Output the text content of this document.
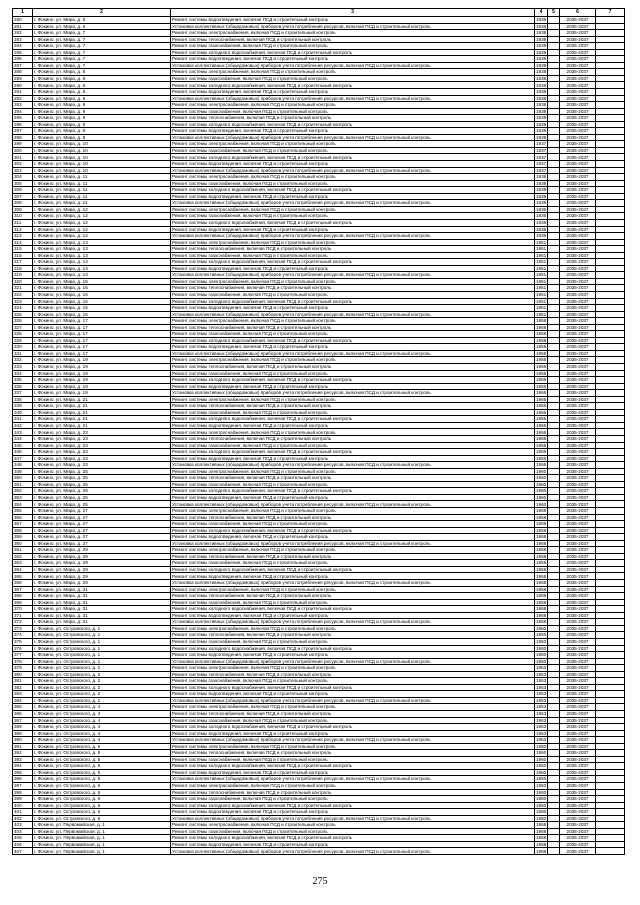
1	2	3	4	5	6	7
280	г. Фокино, ул. Мира, д. 6	Ремонт системы водоотведения, включая ПСД и строительный контроль	1936		2035-2037	
281	г. Фокино, ул. Мира, д. 6	Установка коллективных (общедомовых) приборов учета потребления ресурсов, включая ПСД и строительный контроль	1936		2035-2037	
282	г. Фокино, ул. Мира, д. 7	Ремонт системы электроснабжения, включая ПСД и строительный контроль	1939		2035-2037	
283	г. Фокино, ул. Мира, д. 7	Ремонт системы теплоснабжения, включая ПСД и строительный контроль	1939		2035-2037	
284	г. Фокино, ул. Мира, д. 7	Ремонт системы газоснабжения, включая ПСД и строительный контроль	1939		2035-2037	
285	г. Фокино, ул. Мира, д. 7	Ремонт системы холодного водоснабжения, включая ПСД и строительный контроль	1939		2035-2037	
286	г. Фокино, ул. Мира, д. 7	Ремонт системы водоотведения, включая ПСД и строительный контроль	1939		2035-2037	
287	г. Фокино, ул. Мира, д. 7	Установка коллективных (общедомовых) приборов учета потребления ресурсов, включая ПСД и строительный контроль	1939		2035-2037	
288	г. Фокино, ул. Мира, д. 8	Ремонт системы электроснабжения, включая ПСД и строительный контроль	1938		2035-2037	
289	г. Фокино, ул. Мира, д. 8	Ремонт системы газоснабжения, включая ПСД и строительный контроль	1938		2035-2037	
290	г. Фокино, ул. Мира, д. 8	Ремонт системы холодного водоснабжения, включая ПСД и строительный контроль	1938		2035-2037	
291	г. Фокино, ул. Мира, д. 8	Ремонт системы водоотведения, включая ПСД и строительный контроль	1938		2035-2037	
292	г. Фокино, ул. Мира, д. 8	Установка коллективных (общедомовых) приборов учета потребления ресурсов, включая ПСД и строительный контроль	1938		2035-2037	
293	г. Фокино, ул. Мира, д. 9	Ремонт системы электроснабжения, включая ПСД и строительный контроль	1939		2035-2037	
294	г. Фокино, ул. Мира, д. 9	Ремонт системы газоснабжения, включая ПСД и строительный контроль	1939		2035-2037	
295	г. Фокино, ул. Мира, д. 9	Ремонт системы теплоснабжения, включая ПСД и строительный контроль	1939		2035-2037	
296	г. Фокино, ул. Мира, д. 9	Ремонт системы холодного водоснабжения, включая ПСД и строительный контроль	1939		2035-2037	
297	г. Фокино, ул. Мира, д. 9	Ремонт системы водоотведения, включая ПСД и строительный контроль	1939		2035-2037	
298	г. Фокино, ул. Мира, д. 9	Установка коллективных (общедомовых) приборов учета потребления ресурсов, включая ПСД и строительный контроль	1939		2035-2037	
299	г. Фокино, ул. Мира, д. 10	Ремонт системы электроснабжения, включая ПСД и строительный контроль	1937		2035-2037	
300	г. Фокино, ул. Мира, д. 10	Ремонт системы газоснабжения, включая ПСД и строительный контроль	1937		2035-2037	
301	г. Фокино, ул. Мира, д. 10	Ремонт системы холодного водоснабжения, включая ПСД и строительный контроль	1937		2035-2037	
302	г. Фокино, ул. Мира, д. 10	Ремонт системы водоотведения, включая ПСД и строительный контроль	1937		2035-2037	
303	г. Фокино, ул. Мира, д. 10	Установка коллективных (общедомовых) приборов учета потребления ресурсов, включая ПСД и строительный контроль	1937		2035-2037	
304	г. Фокино, ул. Мира, д. 11	Ремонт системы электроснабжения, включая ПСД и строительный контроль	1939		2035-2037	
305	г. Фокино, ул. Мира, д. 11	Ремонт системы газоснабжения, включая ПСД и строительный контроль	1939		2035-2037	
306	г. Фокино, ул. Мира, д. 11	Ремонт системы холодного водоснабжения, включая ПСД и строительный контроль	1939		2035-2037	
307	г. Фокино, ул. Мира, д. 11	Ремонт системы водоотведения, включая ПСД и строительный контроль	1939		2035-2037	
308	г. Фокино, ул. Мира, д. 11	Установка коллективных (общедомовых) приборов учета потребления ресурсов, включая ПСД и строительный контроль	1939		2035-2037	
309	г. Фокино, ул. Мира, д. 12	Ремонт системы электроснабжения, включая ПСД и строительный контроль	1936		2035-2037	
310	г. Фокино, ул. Мира, д. 12	Ремонт системы газоснабжения, включая ПСД и строительный контроль	1936		2035-2037	
311	г. Фокино, ул. Мира, д. 12	Ремонт системы холодного водоснабжения, включая ПСД и строительный контроль	1936		2035-2037	
312	г. Фокино, ул. Мира, д. 12	Ремонт системы водоотведения, включая ПСД и строительный контроль	1936		2035-2037	
313	г. Фокино, ул. Мира, д. 12	Установка коллективных (общедомовых) приборов учета потребления ресурсов, включая ПСД и строительный контроль	1936		2035-2037	
314	г. Фокино, ул. Мира, д. 13	Ремонт системы электроснабжения, включая ПСД и строительный контроль	1951		2035-2037	
315	г. Фокино, ул. Мира, д. 13	Ремонт системы теплоснабжения, включая ПСД и строительный контроль	1951		2035-2037	
316	г. Фокино, ул. Мира, д. 13	Ремонт системы газоснабжения, включая ПСД и строительный контроль	1951		2035-2037	
317	г. Фокино, ул. Мира, д. 13	Ремонт системы холодного водоснабжения, включая ПСД и строительный контроль	1951		2035-2037	
318	г. Фокино, ул. Мира, д. 13	Ремонт системы водоотведения, включая ПСД и строительный контроль	1951		2035-2037	
319	г. Фокино, ул. Мира, д. 13	Установка коллективных (общедомовых) приборов учета потребления ресурсов, включая ПСД и строительный контроль	1951		2035-2037	
320	г. Фокино, ул. Мира, д. 15	Ремонт системы электроснабжения, включая ПСД и строительный контроль	1951		2035-2037	
321	г. Фокино, ул. Мира, д. 15	Ремонт системы теплоснабжения, включая ПСД и строительный контроль	1951		2035-2037	
322	г. Фокино, ул. Мира, д. 15	Ремонт системы газоснабжения, включая ПСД и строительный контроль	1951		2035-2037	
323	г. Фокино, ул. Мира, д. 15	Ремонт системы холодного водоснабжения, включая ПСД и строительный контроль	1951		2035-2037	
324	г. Фокино, ул. Мира, д. 15	Ремонт системы водоотведения, включая ПСД и строительный контроль	1951		2035-2037	
325	г. Фокино, ул. Мира, д. 15	Установка коллективных (общедомовых) приборов учета потребления ресурсов, включая ПСД и строительный контроль	1951		2035-2037	
326	г. Фокино, ул. Мира, д. 17	Ремонт системы электроснабжения, включая ПСД и строительный контроль	1958		2035-2037	
327	г. Фокино, ул. Мира, д. 17	Ремонт системы теплоснабжения, включая ПСД и строительный контроль	1958		2035-2037	
328	г. Фокино, ул. Мира, д. 17	Ремонт системы газоснабжения, включая ПСД и строительный контроль	1958		2035-2037	
329	г. Фокино, ул. Мира, д. 17	Ремонт системы холодного водоснабжения, включая ПСД и строительный контроль	1958		2035-2037	
330	г. Фокино, ул. Мира, д. 17	Ремонт системы водоотведения, включая ПСД и строительный контроль	1958		2035-2037	
331	г. Фокино, ул. Мира, д. 17	Установка коллективных (общедомовых) приборов учета потребления ресурсов, включая ПСД и строительный контроль	1958		2035-2037	
332	г. Фокино, ул. Мира, д. 19	Ремонт системы электроснабжения, включая ПСД и строительный контроль	1956		2035-2037	
333	г. Фокино, ул. Мира, д. 19	Ремонт системы теплоснабжения, включая ПСД и строительный контроль	1956		2035-2037	
334	г. Фокино, ул. Мира, д. 19	Ремонт системы газоснабжения, включая ПСД и строительный контроль	1956		2035-2037	
335	г. Фокино, ул. Мира, д. 19	Ремонт системы холодного водоснабжения, включая ПСД и строительный контроль	1956		2035-2037	
336	г. Фокино, ул. Мира, д. 19	Ремонт системы водоотведения, включая ПСД и строительный контроль	1956		2035-2037	
337	г. Фокино, ул. Мира, д. 19	Установка коллективных (общедомовых) приборов учета потребления ресурсов, включая ПСД и строительный контроль	1956		2035-2037	
338	г. Фокино, ул. Мира, д. 21	Ремонт системы электроснабжения, включая ПСД и строительный контроль	1956		2035-2037	
339	г. Фокино, ул. Мира, д. 21	Ремонт системы теплоснабжения, включая ПСД и строительный контроль	1956		2035-2037	
340	г. Фокино, ул. Мира, д. 21	Ремонт системы газоснабжения, включая ПСД и строительный контроль	1956		2035-2037	
341	г. Фокино, ул. Мира, д. 21	Ремонт системы холодного водоснабжения, включая ПСД и строительный контроль	1956		2035-2037	
342	г. Фокино, ул. Мира, д. 21	Ремонт системы водоотведения, включая ПСД и строительный контроль	1956		2035-2037	
343	г. Фокино, ул. Мира, д. 23	Ремонт системы электроснабжения, включая ПСД и строительный контроль	1956		2035-2037	
344	г. Фокино, ул. Мира, д. 23	Ремонт системы теплоснабжения, включая ПСД и строительный контроль	1956		2035-2037	
345	г. Фокино, ул. Мира, д. 23	Ремонт системы газоснабжения, включая ПСД и строительный контроль	1956		2035-2037	
346	г. Фокино, ул. Мира, д. 23	Ремонт системы холодного водоснабжения, включая ПСД и строительный контроль	1956		2035-2037	
347	г. Фокино, ул. Мира, д. 23	Ремонт системы водоотведения, включая ПСД и строительный контроль	1956		2035-2037	
348	г. Фокино, ул. Мира, д. 23	Установка коллективных (общедомовых) приборов учета потребления ресурсов, включая ПСД и строительный контроль	1956		2035-2037	
349	г. Фокино, ул. Мира, д. 25	Ремонт системы электроснабжения, включая ПСД и строительный контроль	1960		2035-2037	
350	г. Фокино, ул. Мира, д. 25	Ремонт системы теплоснабжения, включая ПСД и строительный контроль	1960		2035-2037	
351	г. Фокино, ул. Мира, д. 25	Ремонт системы газоснабжения, включая ПСД и строительный контроль	1960		2035-2037	
352	г. Фокино, ул. Мира, д. 25	Ремонт системы холодного водоснабжения, включая ПСД и строительный контроль	1960		2035-2037	
353	г. Фокино, ул. Мира, д. 25	Ремонт системы водоотведения, включая ПСД и строительный контроль	1960		2035-2037	
354	г. Фокино, ул. Мира, д. 25	Установка коллективных (общедомовых) приборов учета потребления ресурсов, включая ПСД и строительный контроль	1960		2035-2037	
355	г. Фокино, ул. Мира, д. 27	Ремонт системы электроснабжения, включая ПСД и строительный контроль	1958		2035-2037	
356	г. Фокино, ул. Мира, д. 27	Ремонт системы теплоснабжения, включая ПСД и строительный контроль	1958		2035-2037	
357	г. Фокино, ул. Мира, д. 27	Ремонт системы газоснабжения, включая ПСД и строительный контроль	1958		2035-2037	
358	г. Фокино, ул. Мира, д. 27	Ремонт системы холодного водоснабжения, включая ПСД и строительный контроль	1958		2035-2037	
359	г. Фокино, ул. Мира, д. 27	Ремонт системы водоотведения, включая ПСД и строительный контроль	1958		2035-2037	
360	г. Фокино, ул. Мира, д. 27	Установка коллективных (общедомовых) приборов учета потребления ресурсов, включая ПСД и строительный контроль	1958		2035-2037	
361	г. Фокино, ул. Мира, д. 29	Ремонт системы электроснабжения, включая ПСД и строительный контроль	1958		2035-2037	
362	г. Фокино, ул. Мира, д. 29	Ремонт системы теплоснабжения, включая ПСД и строительный контроль	1958		2035-2037	
363	г. Фокино, ул. Мира, д. 29	Ремонт системы газоснабжения, включая ПСД и строительный контроль	1958		2035-2037	
364	г. Фокино, ул. Мира, д. 29	Ремонт системы холодного водоснабжения, включая ПСД и строительный контроль	1958		2035-2037	
365	г. Фокино, ул. Мира, д. 29	Ремонт системы водоотведения, включая ПСД и строительный контроль	1958		2035-2037	
366	г. Фокино, ул. Мира, д. 29	Установка коллективных (общедомовых) приборов учета потребления ресурсов, включая ПСД и строительный контроль	1958		2035-2037	
367	г. Фокино, ул. Мира, д. 31	Ремонт системы электроснабжения, включая ПСД и строительный контроль	1958		2035-2037	
368	г. Фокино, ул. Мира, д. 31	Ремонт системы теплоснабжения, включая ПСД и строительный контроль	1958		2035-2037	
369	г. Фокино, ул. Мира, д. 31	Ремонт системы газоснабжения, включая ПСД и строительный контроль	1958		2035-2037	
370	г. Фокино, ул. Мира, д. 31	Ремонт системы холодного водоснабжения, включая ПСД и строительный контроль	1958		2035-2037	
371	г. Фокино, ул. Мира, д. 31	Ремонт системы водоотведения, включая ПСД и строительный контроль	1958		2035-2037	
372	г. Фокино, ул. Мира, д. 31	Установка коллективных (общедомовых) приборов учета потребления ресурсов, включая ПСД и строительный контроль	1958		2035-2037	
373	г. Фокино, ул. Островского, д. 1	Ремонт системы электроснабжения, включая ПСД и строительный контроль	1950		2035-2037	
374	г. Фокино, ул. Островского, д. 1	Ремонт системы теплоснабжения, включая ПСД и строительный контроль	1950		2035-2037	
375	г. Фокино, ул. Островского, д. 1	Ремонт системы газоснабжения, включая ПСД и строительный контроль	1950		2035-2037	
376	г. Фокино, ул. Островского, д. 1	Ремонт системы холодного водоснабжения, включая ПСД и строительный контроль	1950		2035-2037	
377	г. Фокино, ул. Островского, д. 1	Ремонт системы водоотведения, включая ПСД и строительный контроль	1950		2035-2037	
378	г. Фокино, ул. Островского, д. 1	Установка коллективных (общедомовых) приборов учета потребления ресурсов, включая ПСД и строительный контроль	1950		2035-2037	
379	г. Фокино, ул. Островского, д. 2	Ремонт системы электроснабжения, включая ПСД и строительный контроль	1953		2035-2037	
380	г. Фокино, ул. Островского, д. 2	Ремонт системы теплоснабжения, включая ПСД и строительный контроль	1953		2035-2037	
381	г. Фокино, ул. Островского, д. 2	Ремонт системы газоснабжения, включая ПСД и строительный контроль	1953		2035-2037	
382	г. Фокино, ул. Островского, д. 2	Ремонт системы холодного водоснабжения, включая ПСД и строительный контроль	1953		2035-2037	
383	г. Фокино, ул. Островского, д. 2	Ремонт системы водоотведения, включая ПСД и строительный контроль	1953		2035-2037	
384	г. Фокино, ул. Островского, д. 2	Установка коллективных (общедомовых) приборов учета потребления ресурсов, включая ПСД и строительный контроль	1953		2035-2037	
385	г. Фокино, ул. Островского, д. 4	Ремонт системы электроснабжения, включая ПСД и строительный контроль	1953		2035-2037	
386	г. Фокино, ул. Островского, д. 4	Ремонт системы теплоснабжения, включая ПСД и строительный контроль	1953		2035-2037	
387	г. Фокино, ул. Островского, д. 4	Ремонт системы газоснабжения, включая ПСД и строительный контроль	1953		2035-2037	
388	г. Фокино, ул. Островского, д. 4	Ремонт системы холодного водоснабжения, включая ПСД и строительный контроль	1953		2035-2037	
389	г. Фокино, ул. Островского, д. 4	Ремонт системы водоотведения, включая ПСД и строительный контроль	1953		2035-2037	
390	г. Фокино, ул. Островского, д. 4	Установка коллективных (общедомовых) приборов учета потребления ресурсов, включая ПСД и строительный контроль	1953		2035-2037	
391	г. Фокино, ул. Островского, д. 5	Ремонт системы электроснабжения, включая ПСД и строительный контроль	1950		2035-2037	
392	г. Фокино, ул. Островского, д. 5	Ремонт системы теплоснабжения, включая ПСД и строительный контроль	1950		2035-2037	
393	г. Фокино, ул. Островского, д. 5	Ремонт системы газоснабжения, включая ПСД и строительный контроль	1950		2035-2037	
394	г. Фокино, ул. Островского, д. 5	Ремонт системы холодного водоснабжения, включая ПСД и строительный контроль	1950		2035-2037	
395	г. Фокино, ул. Островского, д. 5	Ремонт системы водоотведения, включая ПСД и строительный контроль	1950		2035-2037	
396	г. Фокино, ул. Островского, д. 5	Установка коллективных (общедомовых) приборов учета потребления ресурсов, включая ПСД и строительный контроль	1950		2035-2037	
397	г. Фокино, ул. Островского, д. 6	Ремонт системы электроснабжения, включая ПСД и строительный контроль	1950		2035-2037	
398	г. Фокино, ул. Островского, д. 6	Ремонт системы теплоснабжения, включая ПСД и строительный контроль	1950		2035-2037	
399	г. Фокино, ул. Островского, д. 6	Ремонт системы газоснабжения, включая ПСД и строительный контроль	1950		2035-2037	
400	г. Фокино, ул. Островского, д. 6	Ремонт системы холодного водоснабжения, включая ПСД и строительный контроль	1950		2035-2037	
401	г. Фокино, ул. Островского, д. 6	Ремонт системы водоотведения, включая ПСД и строительный контроль	1950		2035-2037	
402	г. Фокино, ул. Островского, д. 6	Установка коллективных (общедомовых) приборов учета потребления ресурсов, включая ПСД и строительный контроль	1950		2035-2037	
403	г. Фокино, ул. Первомайская, д. 1	Ремонт системы электроснабжения, включая ПСД и строительный контроль	1958		2035-2037	
404	г. Фокино, ул. Первомайская, д. 1	Ремонт системы газоснабжения, включая ПСД и строительный контроль	1958		2035-2037	
405	г. Фокино, ул. Первомайская, д. 1	Ремонт системы холодного водоснабжения, включая ПСД и строительный контроль	1958		2035-2037	
406	г. Фокино, ул. Первомайская, д. 1	Ремонт системы водоотведения, включая ПСД и строительный контроль	1958		2035-2037	
407	г. Фокино, ул. Первомайская, д. 1	Установка коллективных (общедомовых) приборов учета потребления ресурсов, включая ПСД и строительный контроль	1958		2035-2037	
275
